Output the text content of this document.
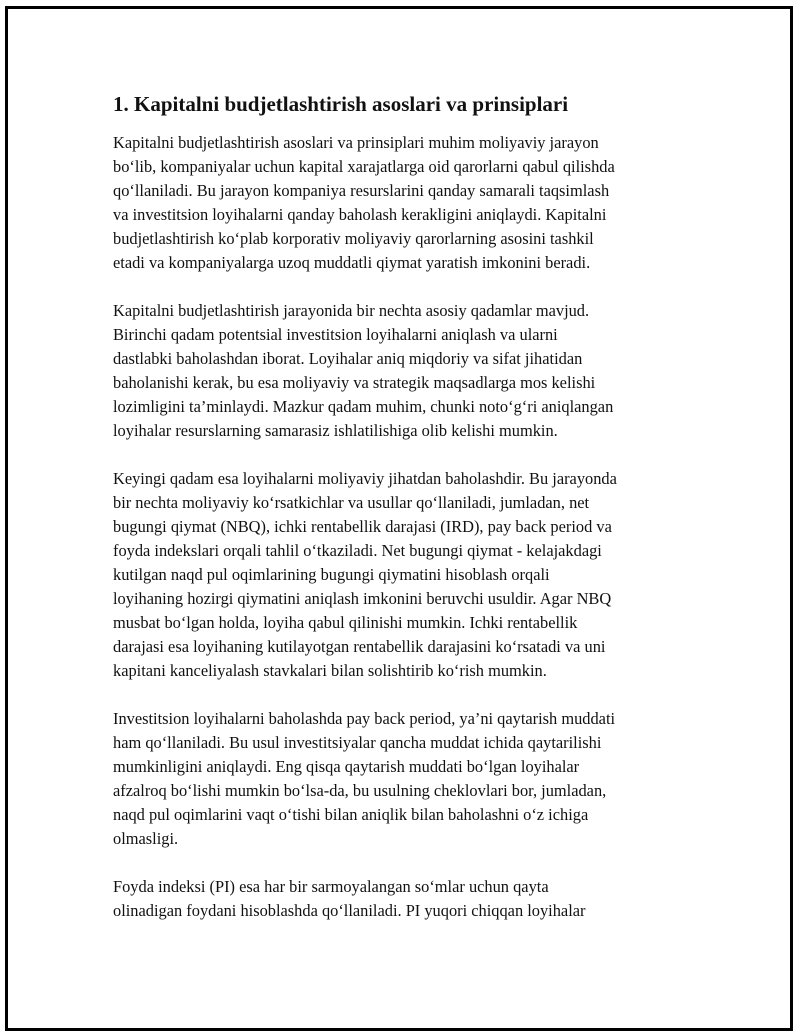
1. Kapitalni budjetlashtirish asoslari va prinsiplari

Kapitalni budjetlashtirish asoslari va prinsiplari muhim moliyaviy jarayon
bo‘lib, kompaniyalar uchun kapital xarajatlarga oid qarorlarni qabul qilishda
qo‘llaniladi. Bu jarayon kompaniya resurslarini qanday samarali taqsimlash
va investitsion loyihalarni qanday baholash kerakligini aniqlaydi. Kapitalni
budjetlashtirish ko‘plab korporativ moliyaviy qarorlarning asosini tashkil
etadi va kompaniyalarga uzoq muddatli qiymat yaratish imkonini beradi.

Kapitalni budjetlashtirish jarayonida bir nechta asosiy qadamlar mavjud.
Birinchi qadam potentsial investitsion loyihalarni aniqlash va ularni
dastlabki baholashdan iborat. Loyihalar aniq miqdoriy va sifat jihatidan
baholanishi kerak, bu esa moliyaviy va strategik maqsadlarga mos kelishi
lozimligini ta’minlaydi. Mazkur qadam muhim, chunki noto‘g‘ri aniqlangan
loyihalar resurslarning samarasiz ishlatilishiga olib kelishi mumkin.

Keyingi qadam esa loyihalarni moliyaviy jihatdan baholashdir. Bu jarayonda
bir nechta moliyaviy ko‘rsatkichlar va usullar qo‘llaniladi, jumladan, net
bugungi qiymat (NBQ), ichki rentabellik darajasi (IRD), pay back period va
foyda indekslari orqali tahlil o‘tkaziladi. Net bugungi qiymat - kelajakdagi
kutilgan naqd pul oqimlarining bugungi qiymatini hisoblash orqali
loyihaning hozirgi qiymatini aniqlash imkonini beruvchi usuldir. Agar NBQ
musbat bo‘lgan holda, loyiha qabul qilinishi mumkin. Ichki rentabellik
darajasi esa loyihaning kutilayotgan rentabellik darajasini ko‘rsatadi va uni
kapitani kanceliyalash stavkalari bilan solishtirib ko‘rish mumkin.

Investitsion loyihalarni baholashda pay back period, ya’ni qaytarish muddati
ham qo‘llaniladi. Bu usul investitsiyalar qancha muddat ichida qaytarilishi
mumkinligini aniqlaydi. Eng qisqa qaytarish muddati bo‘lgan loyihalar
afzalroq bo‘lishi mumkin bo‘lsa-da, bu usulning cheklovlari bor, jumladan,
naqd pul oqimlarini vaqt o‘tishi bilan aniqlik bilan baholashni o‘z ichiga
olmasligi.

Foyda indeksi (PI) esa har bir sarmoyalangan so‘mlar uchun qayta
olinadigan foydani hisoblashda qo‘llaniladi. PI yuqori chiqqan loyihalar
